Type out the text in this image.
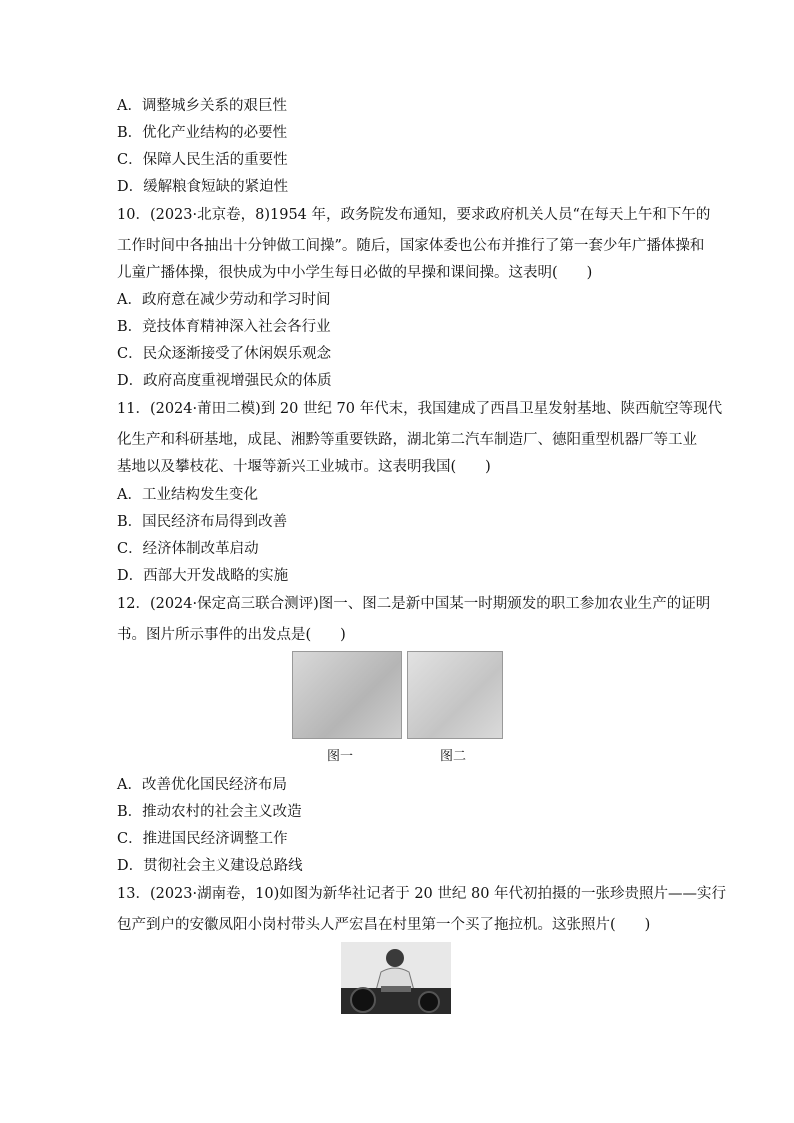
A．调整城乡关系的艰巨性
B．优化产业结构的必要性
C．保障人民生活的重要性
D．缓解粮食短缺的紧迫性
10．(2023·北京卷，8)1954 年，政务院发布通知，要求政府机关人员“在每天上午和下午的
工作时间中各抽出十分钟做工间操”。随后，国家体委也公布并推行了第一套少年广播体操和
儿童广播体操，很快成为中小学生每日必做的早操和课间操。这表明(　　)
A．政府意在减少劳动和学习时间
B．竞技体育精神深入社会各行业
C．民众逐渐接受了休闲娱乐观念
D．政府高度重视增强民众的体质
11．(2024·莆田二模)到 20 世纪 70 年代末，我国建成了西昌卫星发射基地、陕西航空等现代
化生产和科研基地，成昆、湘黔等重要铁路，湖北第二汽车制造厂、德阳重型机器厂等工业
基地以及攀枝花、十堰等新兴工业城市。这表明我国(　　)
A．工业结构发生变化
B．国民经济布局得到改善
C．经济体制改革启动
D．西部大开发战略的实施
12．(2024·保定高三联合测评)图一、图二是新中国某一时期颁发的职工参加农业生产的证明
书。图片所示事件的出发点是(　　)
图一	图二
A．改善优化国民经济布局
B．推动农村的社会主义改造
C．推进国民经济调整工作
D．贯彻社会主义建设总路线
13．(2023·湖南卷，10)如图为新华社记者于 20 世纪 80 年代初拍摄的一张珍贵照片——实行
包产到户的安徽凤阳小岗村带头人严宏昌在村里第一个买了拖拉机。这张照片(　　)
